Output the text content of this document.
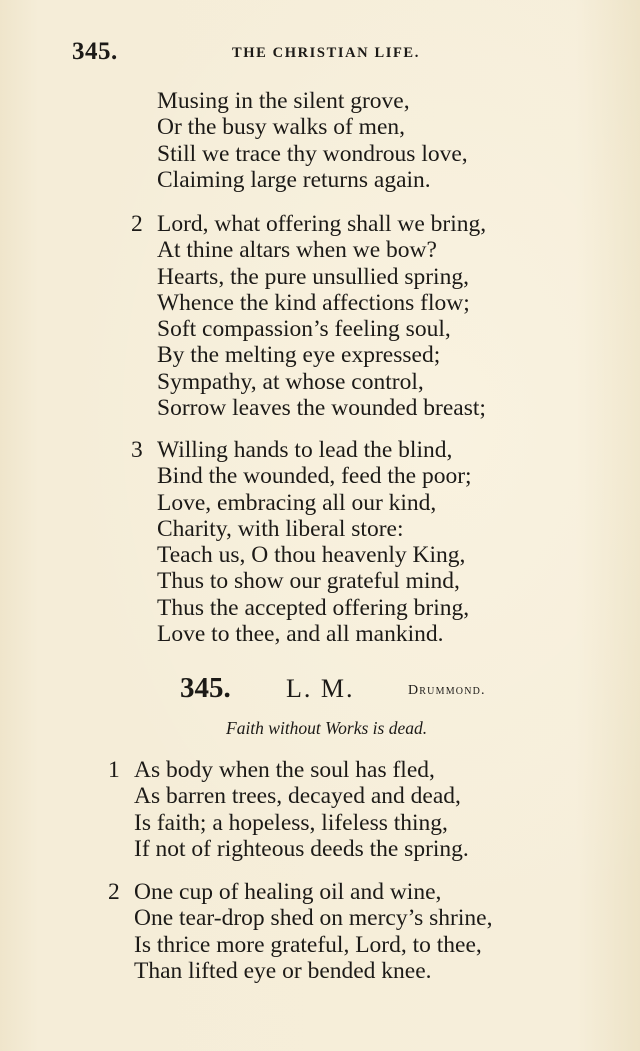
345.	THE CHRISTIAN LIFE.
Musing in the silent grove,
Or the busy walks of men,
Still we trace thy wondrous love,
Claiming large returns again.
2 Lord, what offering shall we bring,
At thine altars when we bow?
Hearts, the pure unsullied spring,
Whence the kind affections flow;
Soft compassion’s feeling soul,
By the melting eye expressed;
Sympathy, at whose control,
Sorrow leaves the wounded breast;
3 Willing hands to lead the blind,
Bind the wounded, feed the poor;
Love, embracing all our kind,
Charity, with liberal store:
Teach us, O thou heavenly King,
Thus to show our grateful mind,
Thus the accepted offering bring,
Love to thee, and all mankind.
345. L. M.	Drummond.
Faith without Works is dead.
1 As body when the soul has fled,
As barren trees, decayed and dead,
Is faith; a hopeless, lifeless thing,
If not of righteous deeds the spring.
2 One cup of healing oil and wine,
One tear-drop shed on mercy’s shrine,
Is thrice more grateful, Lord, to thee,
Than lifted eye or bended knee.
